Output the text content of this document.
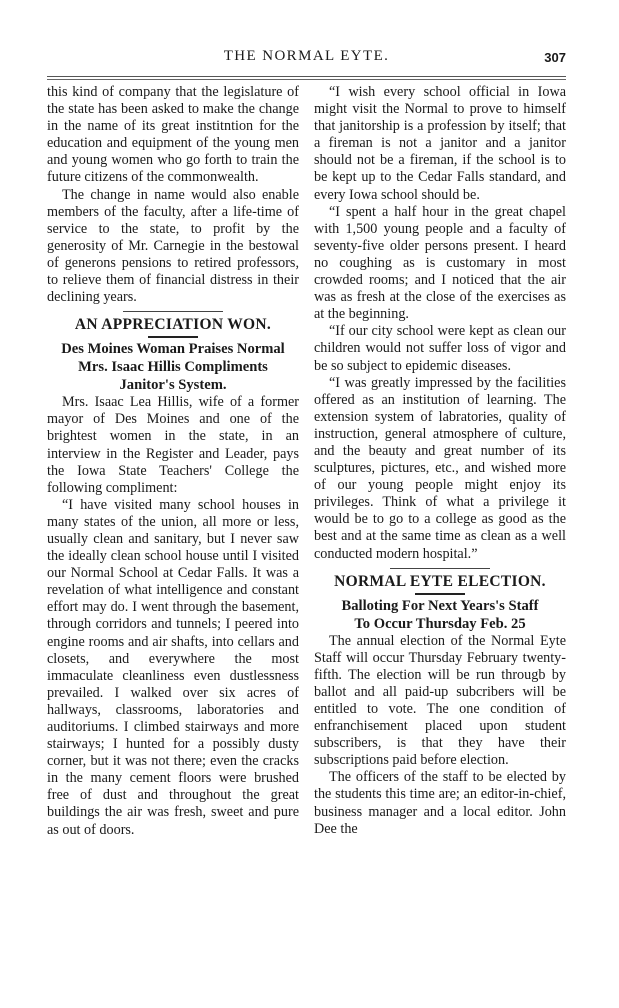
THE NORMAL EYTE.	307

this kind of company that the legislature of the state has been asked to make the change in the name of its great institntion for the education and equipment of the young men and young women who go forth to train the future citizens of the commonwealth.

The change in name would also enable members of the faculty, after a life-time of service to the state, to profit by the generosity of Mr. Carnegie in the bestowal of generons pensions to retired professors, to relieve them of financial distress in their declining years.

AN APPRECIATION WON.
Des Moines Woman Praises Normal
Mrs. Isaac Hillis Compliments
Janitor's System.

Mrs. Isaac Lea Hillis, wife of a former mayor of Des Moines and one of the brightest women in the state, in an interview in the Register and Leader, pays the Iowa State Teachers' College the following compliment:

“I have visited many school houses in many states of the union, all more or less, usually clean and sanitary, but I never saw the ideally clean school house until I visited our Normal School at Cedar Falls. It was a revelation of what intelligence and constant effort may do. I went through the basement, through corridors and tunnels; I peered into engine rooms and air shafts, into cellars and closets, and everywhere the most immaculate cleanliness even dustlessness prevailed. I walked over six acres of hallways, classrooms, laboratories and auditoriums. I climbed stairways and more stairways; I hunted for a possibly dusty corner, but it was not there; even the cracks in the many cement floors were brushed free of dust and throughout the great buildings the air was fresh, sweet and pure as out of doors.

“I wish every school official in Iowa might visit the Normal to prove to himself that janitorship is a profession by itself; that a fireman is not a janitor and a janitor should not be a fireman, if the school is to be kept up to the Cedar Falls standard, and every Iowa school should be.

“I spent a half hour in the great chapel with 1,500 young people and a faculty of seventy-five older persons present. I heard no coughing as is customary in most crowded rooms; and I noticed that the air was as fresh at the close of the exercises as at the beginning.

“If our city school were kept as clean our children would not suffer loss of vigor and be so subject to epidemic diseases.

“I was greatly impressed by the facilities offered as an institution of learning. The extension system of labratories, quality of instruction, general atmosphere of culture, and the beauty and great number of its sculptures, pictures, etc., and wished more of our young people might enjoy its privileges. Think of what a privilege it would be to go to a college as good as the best and at the same time as clean as a well conducted modern hospital.”

NORMAL EYTE ELECTION.
Balloting For Next Years's Staff
To Occur Thursday Feb. 25

The annual election of the Normal Eyte Staff will occur Thursday February twenty-fifth. The election will be run througb by ballot and all paid-up subcribers will be entitled to vote. The one condition of enfranchisement placed upon student subscribers, is that they have their subscriptions paid before election.

The officers of the staff to be elected by the students this time are; an editor-in-chief, business manager and a local editor. John Dee the
